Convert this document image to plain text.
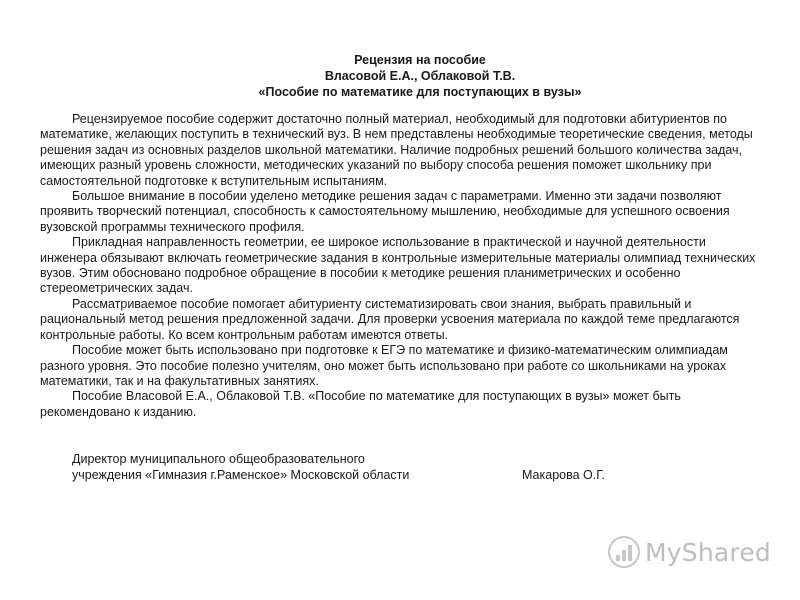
Рецензия на пособие
Власовой Е.А., Облаковой Т.В.
«Пособие по математике для поступающих в вузы»

Рецензируемое пособие содержит достаточно полный материал, необходимый для подготовки абитуриентов по математике, желающих поступить в технический вуз. В нем представлены необходимые теоретические сведения, методы решения задач из основных разделов школьной математики. Наличие подробных решений большого количества задач, имеющих разный уровень сложности, методических указаний по выбору способа решения поможет школьнику при самостоятельной подготовке к вступительным испытаниям.

Большое внимание в пособии уделено методике решения задач с параметрами. Именно эти задачи позволяют проявить творческий потенциал, способность к самостоятельному мышлению, необходимые для успешного освоения вузовской программы технического профиля.

Прикладная направленность геометрии, ее широкое использование в практической и научной деятельности инженера обязывают включать геометрические задания в контрольные измерительные материалы олимпиад технических вузов. Этим обосновано подробное обращение в пособии к методике решения планиметрических и особенно стереометрических задач.

Рассматриваемое пособие помогает абитуриенту систематизировать свои знания, выбрать правильный и рациональный метод решения предложенной задачи. Для проверки усвоения материала по каждой теме предлагаются контрольные работы. Ко всем контрольным работам имеются ответы.

Пособие может быть использовано при подготовке к ЕГЭ по математике и физико-математическим олимпиадам разного уровня. Это пособие полезно учителям, оно может быть использовано при работе со школьниками на уроках математики, так и на факультативных занятиях.

Пособие Власовой Е.А., Облаковой Т.В. «Пособие по математике для поступающих в вузы» может быть рекомендовано к изданию.

Директор муниципального общеобразовательного
учреждения «Гимназия г.Раменское» Московской области	Макарова О.Г.
MyShared
